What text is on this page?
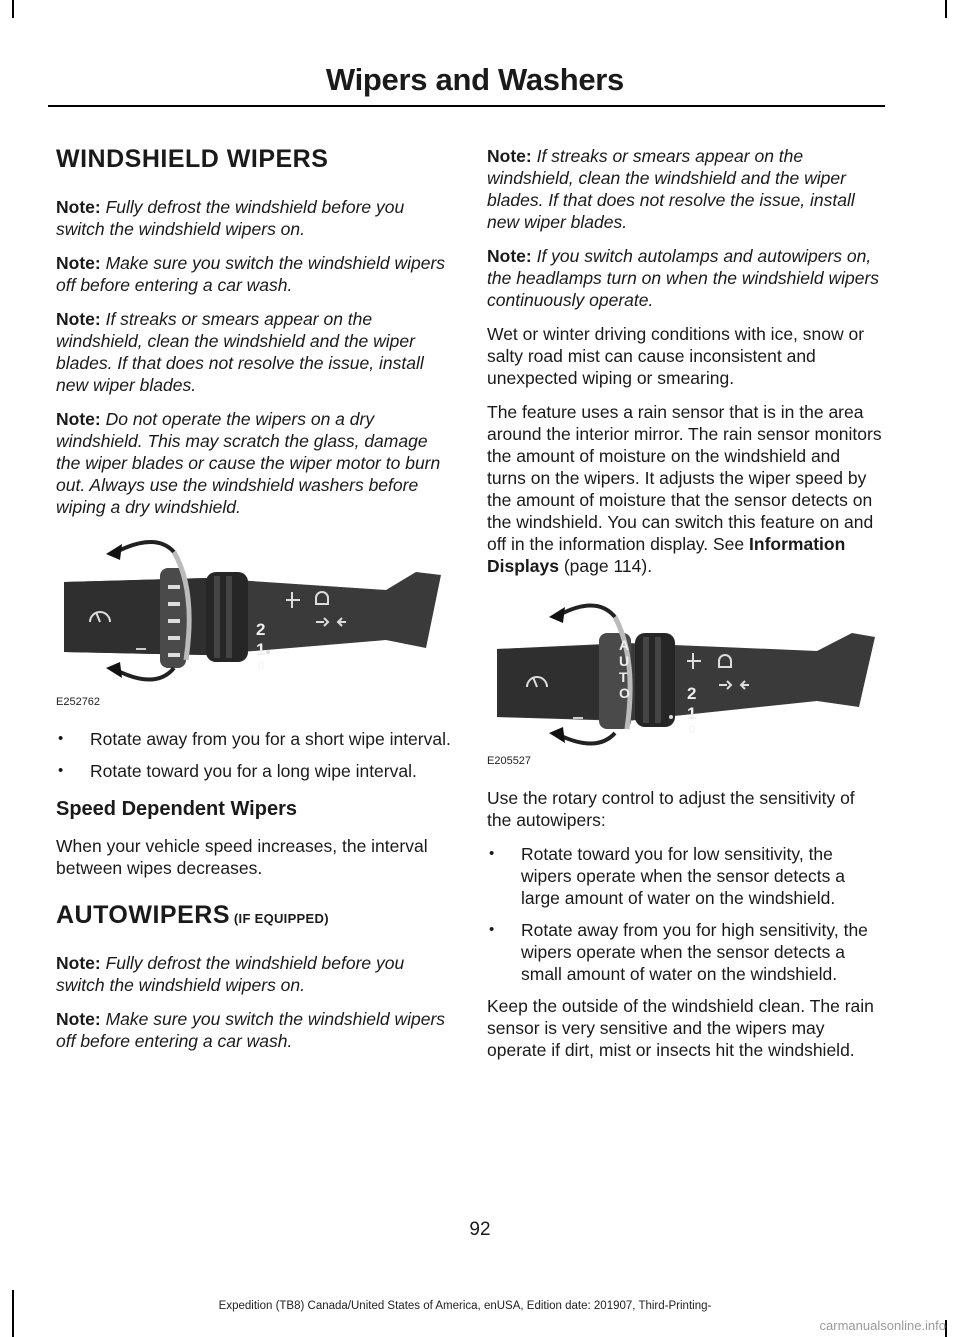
Wipers and Washers
WINDSHIELD WIPERS

Note: Fully defrost the windshield before you switch the windshield wipers on.

Note: Make sure you switch the windshield wipers off before entering a car wash.

Note: If streaks or smears appear on the windshield, clean the windshield and the wiper blades. If that does not resolve the issue, install new wiper blades.

Note: Do not operate the wipers on a dry windshield. This may scratch the glass, damage the wiper blades or cause the wiper motor to burn out. Always use the windshield washers before wiping a dry windshield.

2
1
0
E252762
• Rotate away from you for a short wipe interval.
• Rotate toward you for a long wipe interval.
Speed Dependent Wipers

When your vehicle speed increases, the interval between wipes decreases.

AUTOWIPERS (IF EQUIPPED)

Note: Fully defrost the windshield before you switch the windshield wipers on.

Note: Make sure you switch the windshield wipers off before entering a car wash.

Note: If streaks or smears appear on the windshield, clean the windshield and the wiper blades. If that does not resolve the issue, install new wiper blades.

Note: If you switch autolamps and autowipers on, the headlamps turn on when the windshield wipers continuously operate.

Wet or winter driving conditions with ice, snow or salty road mist can cause inconsistent and unexpected wiping or smearing.

The feature uses a rain sensor that is in the area around the interior mirror. The rain sensor monitors the amount of moisture on the windshield and turns on the wipers. It adjusts the wiper speed by the amount of moisture that the sensor detects on the windshield. You can switch this feature on and off in the information display. See Information Displays (page 114).

A
U
T
O	2
1
0
E205527

Use the rotary control to adjust the sensitivity of the autowipers:

• Rotate toward you for low sensitivity, the wipers operate when the sensor detects a large amount of water on the windshield.
• Rotate away from you for high sensitivity, the wipers operate when the sensor detects a small amount of water on the windshield.

Keep the outside of the windshield clean. The rain sensor is very sensitive and the wipers may operate if dirt, mist or insects hit the windshield.

92
Expedition (TB8) Canada/United States of America, enUSA, Edition date: 201907, Third-Printing-
carmanualsonline.info
